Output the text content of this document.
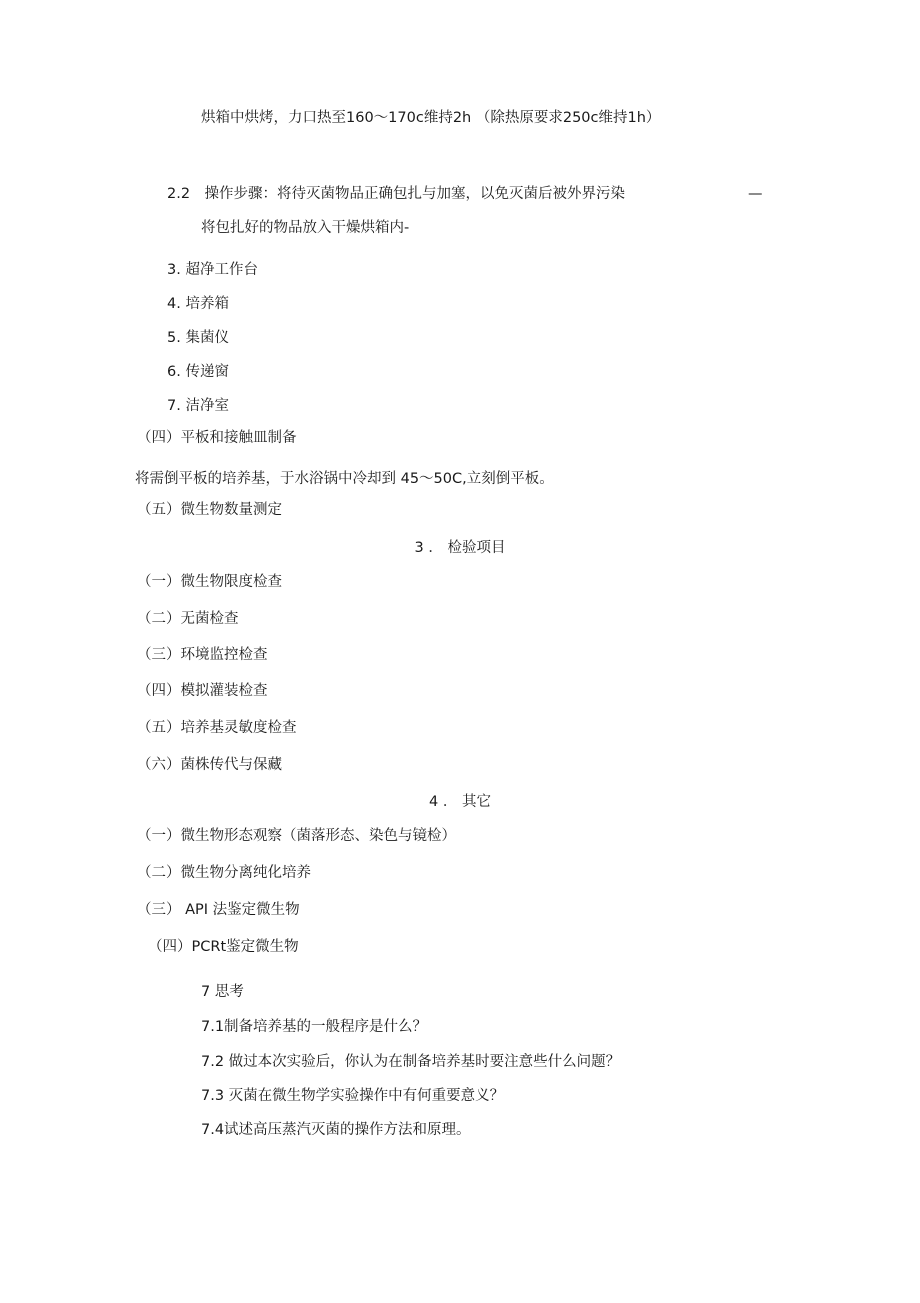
烘箱中烘烤，力口热至160～170c维持2h （除热原要求250c维持1h）
2.2　操作步骤：将待灭菌物品正确包扎与加塞，以免灭菌后被外界污染	—
将包扎好的物品放入干燥烘箱内-
3. 超净工作台
4. 培养箱
5. 集菌仪
6. 传递窗
7. 洁净室
（四）平板和接触皿制备
将需倒平板的培养基，于水浴锅中冷却到 45～50C,立刻倒平板。
（五）微生物数量测定
3 ． 检验项目
（一）微生物限度检查
（二）无菌检查
（三）环境监控检查
（四）模拟灌装检查
（五）培养基灵敏度检查
（六）菌株传代与保藏
4 ． 其它
（一）微生物形态观察（菌落形态、染色与镜检）
（二）微生物分离纯化培养
（三） API 法鉴定微生物
（四）PCRt鉴定微生物
7 思考
7.1制备培养基的一般程序是什么？
7.2 做过本次实验后，你认为在制备培养基时要注意些什么问题？
7.3 灭菌在微生物学实验操作中有何重要意义？
7.4试述高压蒸汽灭菌的操作方法和原理。
